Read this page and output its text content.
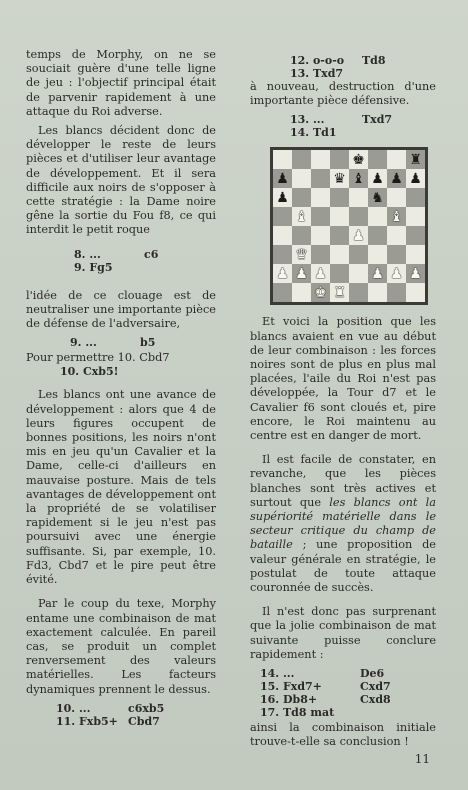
temps de Morphy, on ne se souciait guère d'une telle ligne de jeu : l'objectif principal était de parvenir rapidement à une attaque du Roi adverse.

Les blancs décident donc de développer le reste de leurs pièces et d'utiliser leur avantage de développement. Et il sera difficile aux noirs de s'opposer à cette stratégie : la Dame noire gêne la sortie du Fou f8, ce qui interdit le petit roque

8. ...	c6
9. Fg5

l'idée de ce clouage est de neutraliser une importante pièce de défense de l'adversaire,

9. ...	b5

Pour permettre 10. Cbd7

10. Cxb5!

Les blancs ont une avance de développement : alors que 4 de leurs figures occupent de bonnes positions, les noirs n'ont mis en jeu qu'un Cavalier et la Dame, celle-ci d'ailleurs en mauvaise posture. Mais de tels avantages de développement ont la propriété de se volatiliser rapidement si le jeu n'est pas poursuivi avec une énergie suffisante. Si, par exemple, 10. Fd3, Cbd7 et le pire peut être évité.

Par le coup du texe, Morphy entame une combinaison de mat exactement calculée. En pareil cas, se produit un complet renversement des valeurs matérielles. Les facteurs dynamiques prennent le dessus.

10. ...	c6xb5
11. Fxb5+ Cbd7
12. o-o-o	Td8
13. Txd7

à nouveau, destruction d'une importante pièce défensive.

13. ...	Txd7
14. Td1
♚	♜
♟	♛ ♝ ♟ ♟ ♟
♟	♞
♝	♝
♟
♛
♟ ♟ ♟	♟ ♟ ♟
♚ ♜

Et voici la position que les blancs avaient en vue au début de leur combinaison : les forces noires sont de plus en plus mal placées, l'aile du Roi n'est pas développée, la Tour d7 et le Cavalier f6 sont cloués et, pire encore, le Roi maintenu au centre est en danger de mort.

Il est facile de constater, en revanche, que les pièces blanches sont très actives et surtout que les blancs ont la supériorité matérielle dans le secteur critique du champ de bataille ; une proposition de valeur générale en stratégie, le postulat de toute attaque couronnée de succès.

Il n'est donc pas surprenant que la jolie combinaison de mat suivante puisse conclure rapidement :

14. ...	De6
15. Fxd7+	Cxd7
16. Db8+	Cxd8
17. Td8 mat

ainsi la combinaison initiale trouve-t-elle sa conclusion !

11
